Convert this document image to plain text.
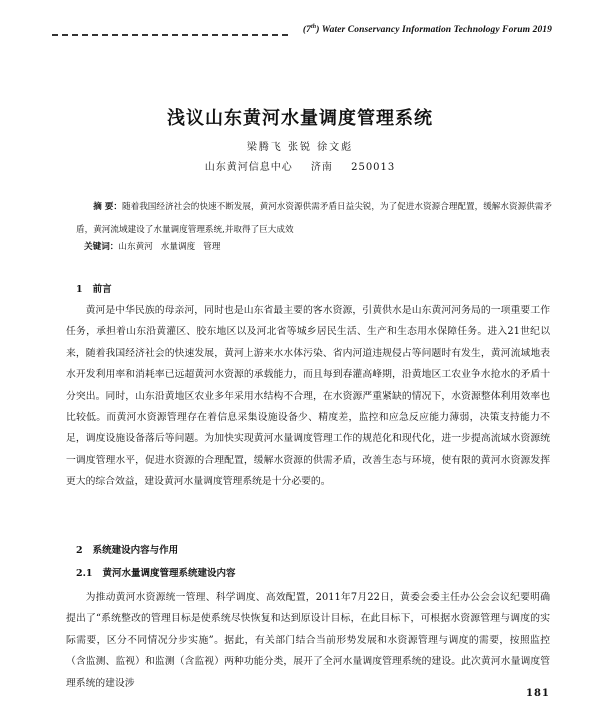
(7th) Water Conservancy Information Technology Forum 2019
浅议山东黄河水量调度管理系统
梁腾飞 张锐 徐文彪
山东黄河信息中心 济南 250013

摘 要：随着我国经济社会的快速不断发展，黄河水资源供需矛盾日益尖锐，为了促进水资源合理配置，缓解水资源供需矛盾，黄河流域建设了水量调度管理系统,并取得了巨大成效

关键词：山东黄河 水量调度 管理

1 前言

黄河是中华民族的母亲河，同时也是山东省最主要的客水资源，引黄供水是山东黄河河务局的一项重要工作任务，承担着山东沿黄灌区、胶东地区以及河北省等城乡居民生活、生产和生态用水保障任务。进入21世纪以来，随着我国经济社会的快速发展，黄河上游来水水体污染、省内河道违规侵占等问题时有发生，黄河流域地表水开发利用率和消耗率已远超黄河水资源的承载能力，而且每到春灌高峰期，沿黄地区工农业争水抢水的矛盾十分突出。同时，山东沿黄地区农业多年采用水结构不合理，在水资源严重紧缺的情况下，水资源整体利用效率也比较低。而黄河水资源管理存在着信息采集设施设备少、精度差，监控和应急反应能力薄弱，决策支持能力不足，调度设施设备落后等问题。为加快实现黄河水量调度管理工作的规范化和现代化，进一步提高流域水资源统一调度管理水平，促进水资源的合理配置，缓解水资源的供需矛盾，改善生态与环境，使有限的黄河水资源发挥更大的综合效益，建设黄河水量调度管理系统是十分必要的。

2 系统建设内容与作用
2.1 黄河水量调度管理系统建设内容

为推动黄河水资源统一管理、科学调度、高效配置，2011年7月22日，黄委会委主任办公会会议纪要明确提出了“系统整改的管理目标是使系统尽快恢复和达到原设计目标，在此目标下，可根据水资源管理与调度的实际需要，区分不同情况分步实施”。据此，有关部门结合当前形势发展和水资源管理与调度的需要，按照监控（含监测、监视）和监测（含监视）两种功能分类，展开了全河水量调度管理系统的建设。此次黄河水量调度管理系统的建设涉

181
